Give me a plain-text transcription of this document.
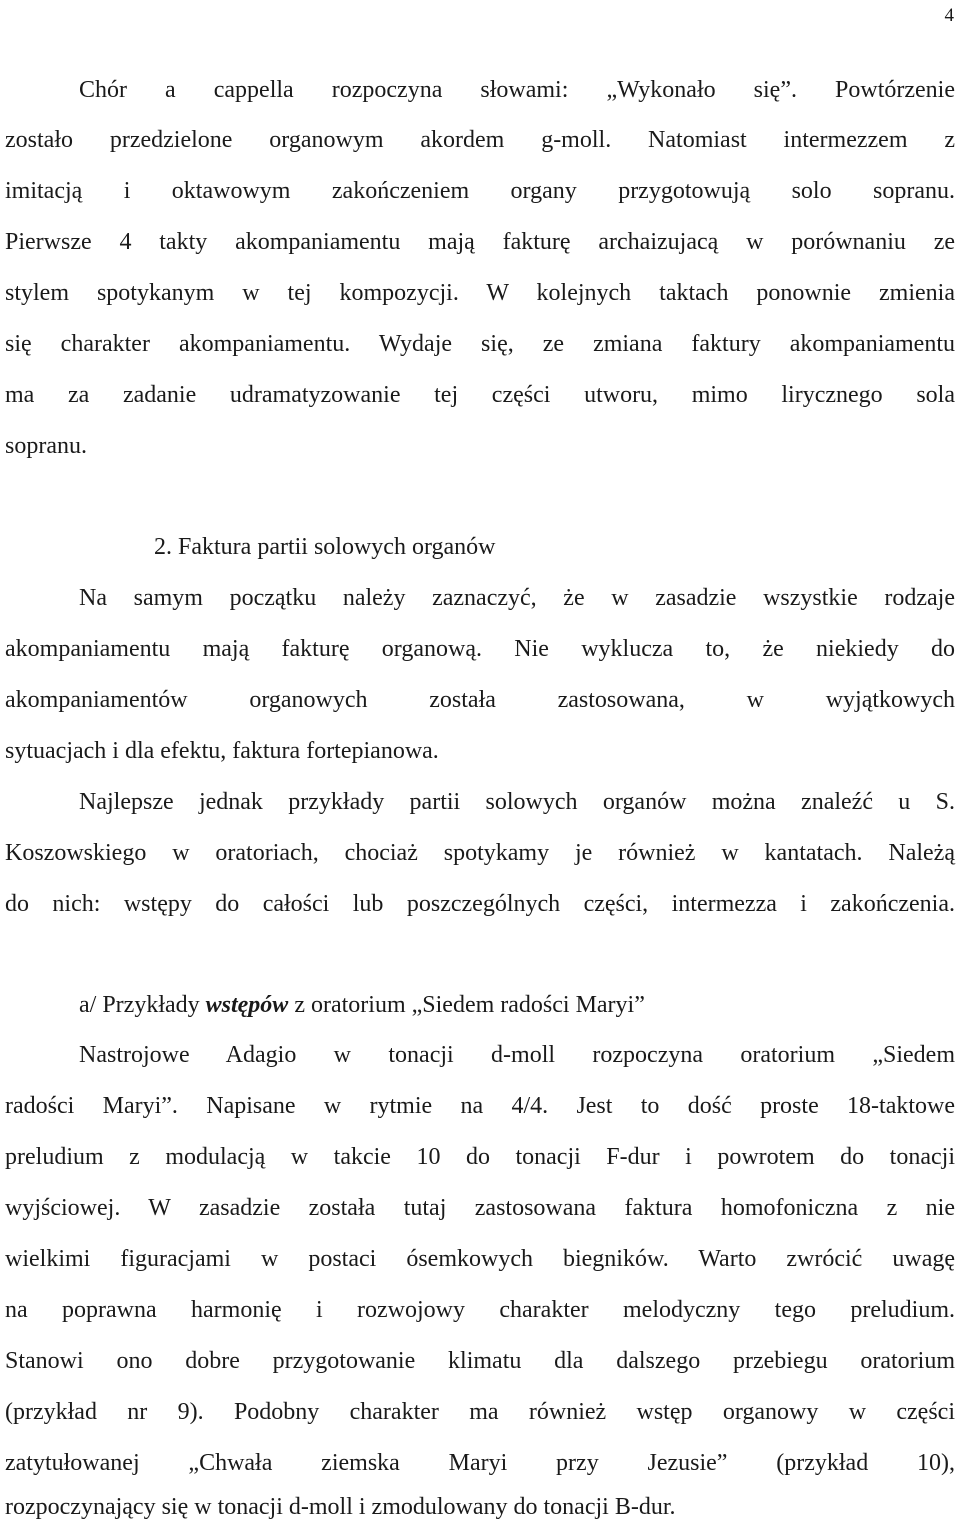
4
Chór a cappella rozpoczyna słowami: „Wykonało się”. Powtórzenie
zostało przedzielone organowym akordem g-moll. Natomiast intermezzem z
imitacją i oktawowym zakończeniem organy przygotowują solo sopranu.
Pierwsze 4 takty akompaniamentu mają fakturę archaizujacą w porównaniu ze
stylem spotykanym w tej kompozycji. W kolejnych taktach ponownie zmienia
się charakter akompaniamentu. Wydaje się, ze zmiana faktury akompaniamentu
ma za zadanie udramatyzowanie tej części utworu, mimo lirycznego sola
sopranu.
2. Faktura partii solowych organów
Na samym początku należy zaznaczyć, że w zasadzie wszystkie rodzaje
akompaniamentu mają fakturę organową. Nie wyklucza to, że niekiedy do
akompaniamentów organowych została zastosowana, w wyjątkowych
sytuacjach i dla efektu, faktura fortepianowa.
Najlepsze jednak przykłady partii solowych organów można znaleźć u S.
Koszowskiego w oratoriach, chociaż spotykamy je również w kantatach. Należą
do nich: wstępy do całości lub poszczególnych części, intermezza i zakończenia.
a/ Przykłady wstępów z oratorium „Siedem radości Maryi”
Nastrojowe Adagio w tonacji d-moll rozpoczyna oratorium „Siedem
radości Maryi”. Napisane w rytmie na 4/4. Jest to dość proste 18-taktowe
preludium z modulacją w takcie 10 do tonacji F-dur i powrotem do tonacji
wyjściowej. W zasadzie została tutaj zastosowana faktura homofoniczna z nie
wielkimi figuracjami w postaci ósemkowych biegników. Warto zwrócić uwagę
na poprawna harmonię i rozwojowy charakter melodyczny tego preludium.
Stanowi ono dobre przygotowanie klimatu dla dalszego przebiegu oratorium
(przykład nr 9). Podobny charakter ma również wstęp organowy w części
zatytułowanej „Chwała ziemska Maryi przy Jezusie” (przykład 10),
rozpoczynający się w tonacji d-moll i zmodulowany do tonacji B-dur.
